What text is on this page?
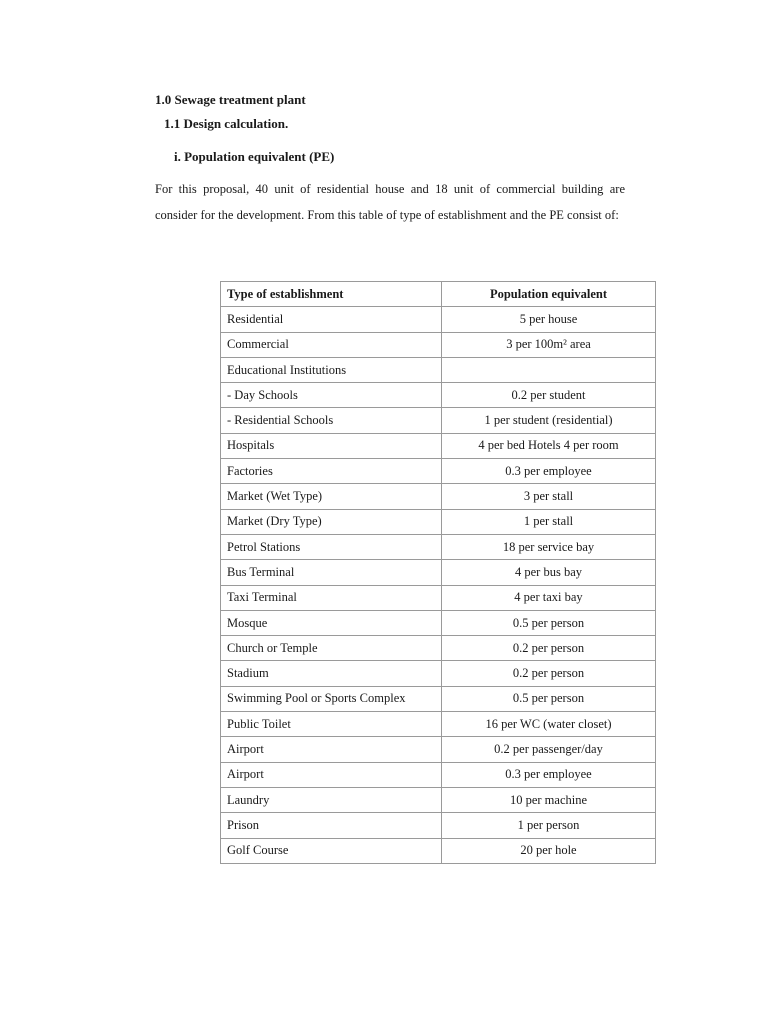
1.0 Sewage treatment plant
1.1 Design calculation.
i. Population equivalent (PE)

For this proposal, 40 unit of residential house and 18 unit of commercial building are consider for the development. From this table of type of establishment and the PE consist of:

Type of establishment	Population equivalent
Residential	5 per house
Commercial	3 per 100m² area
Educational Institutions	
- Day Schools	0.2 per student
- Residential Schools	1 per student (residential)
Hospitals	4 per bed Hotels 4 per room
Factories	0.3 per employee
Market (Wet Type)	3 per stall
Market (Dry Type)	1 per stall
Petrol Stations	18 per service bay
Bus Terminal	4 per bus bay
Taxi Terminal	4 per taxi bay
Mosque	0.5 per person
Church or Temple	0.2 per person
Stadium	0.2 per person
Swimming Pool or Sports Complex	0.5 per person
Public Toilet	16 per WC (water closet)
Airport	0.2 per passenger/day
Airport	0.3 per employee
Laundry	10 per machine
Prison	1 per person
Golf Course	20 per hole
